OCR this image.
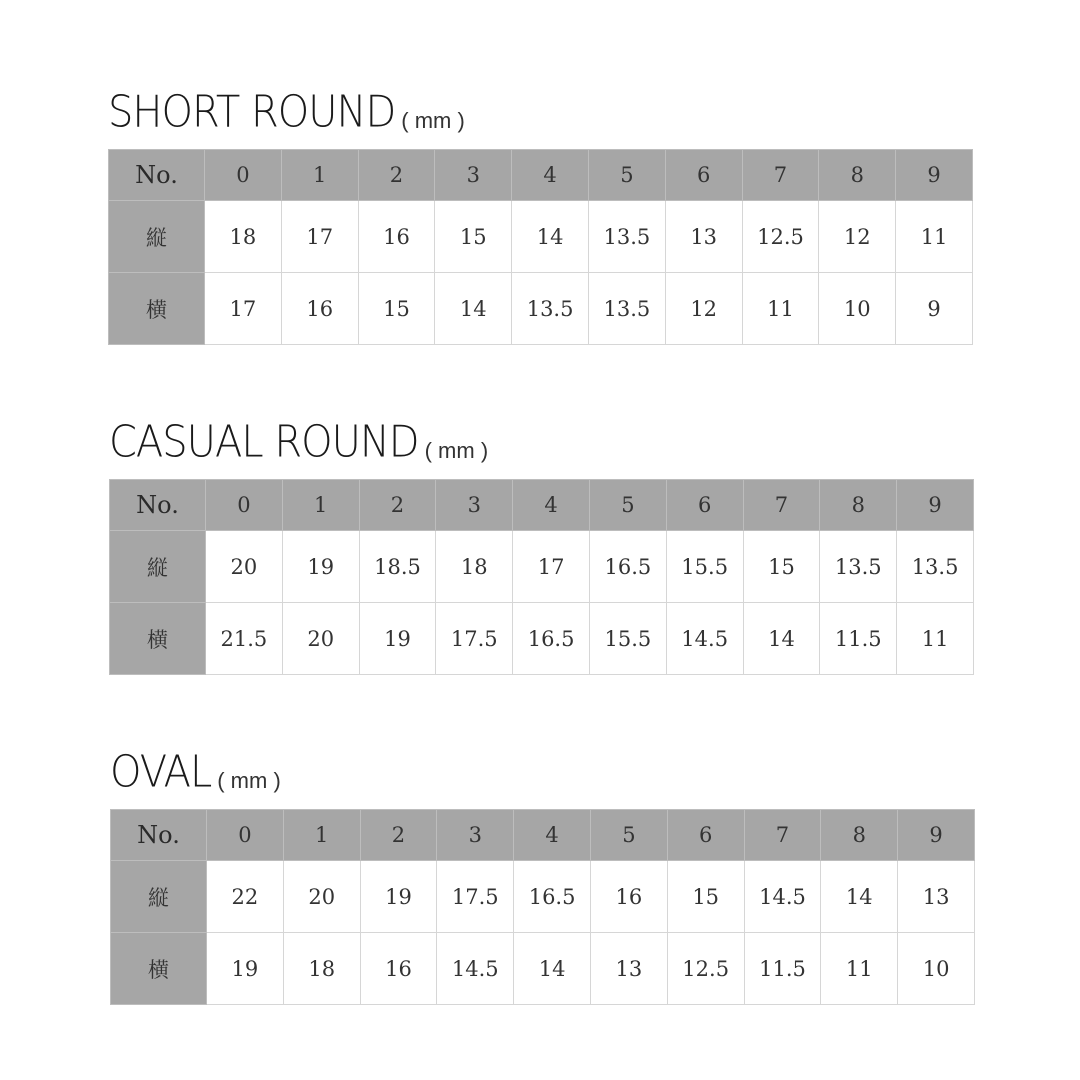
SHORT ROUND ( mm )
No.	0	1	2	3	4	5	6	7	8	9
縦	18	17	16	15	14	13.5	13	12.5	12	11
横	17	16	15	14	13.5	13.5	12	11	10	9
CASUAL ROUND ( mm )
No.	0	1	2	3	4	5	6	7	8	9
縦	20	19	18.5	18	17	16.5	15.5	15	13.5	13.5
横	21.5	20	19	17.5	16.5	15.5	14.5	14	11.5	11
OVAL ( mm )
No.	0	1	2	3	4	5	6	7	8	9
縦	22	20	19	17.5	16.5	16	15	14.5	14	13
横	19	18	16	14.5	14	13	12.5	11.5	11	10
